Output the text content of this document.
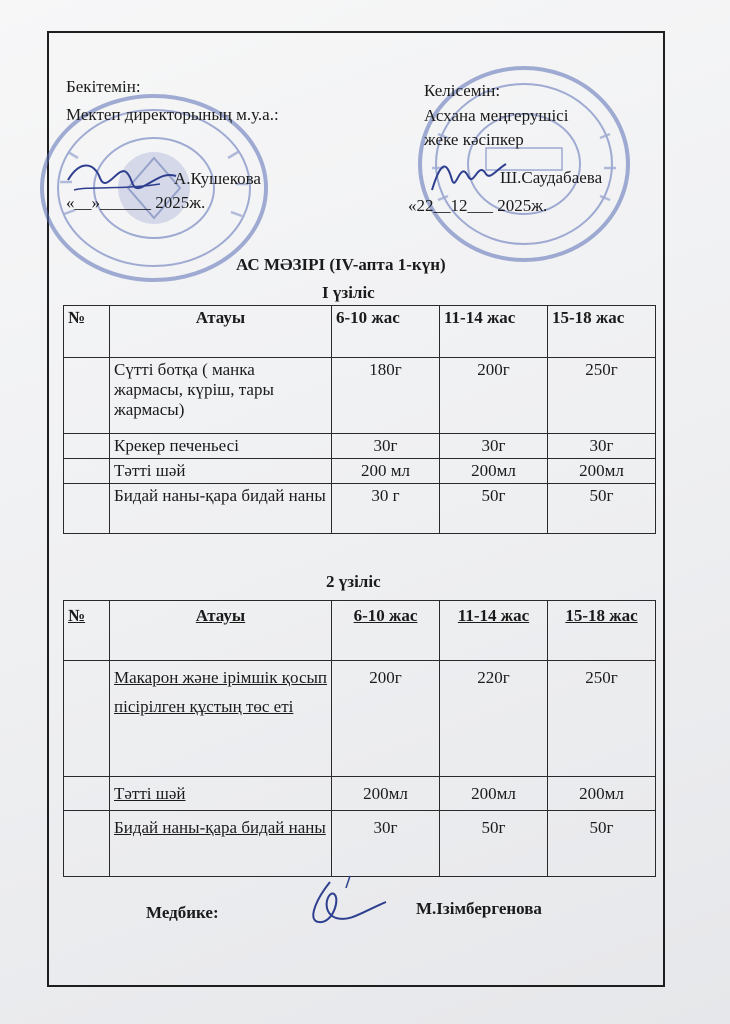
Бекітемін:
Мектеп директорының м.у.а.:
А.Кушекова
«__»______ 2025ж.
Келісемін:
Асхана меңгерушісі
жеке кәсіпкер
Ш.Саудабаева
«22__12___ 2025ж.
АС МӘЗІРІ (IV-апта 1-күн)
І үзіліс
№	Атауы	6-10 жас	11-14 жас	15-18 жас
	Сүтті ботқа ( манка жармасы, күріш, тары жармасы)	180г	200г	250г
	Крекер печеньесі	30г	30г	30г
	Тәтті шәй	200 мл	200мл	200мл
	Бидай наны-қара бидай наны	30 г	50г	50г
2 үзіліс
№	Атауы	6-10 жас	11-14 жас	15-18 жас
	Макарон және ірімшік қосып пісірілген құстың төс еті	200г	220г	250г
	Тәтті шәй	200мл	200мл	200мл
	Бидай наны-қара бидай наны	30г	50г	50г
Медбике:	М.Ізімбергенова
